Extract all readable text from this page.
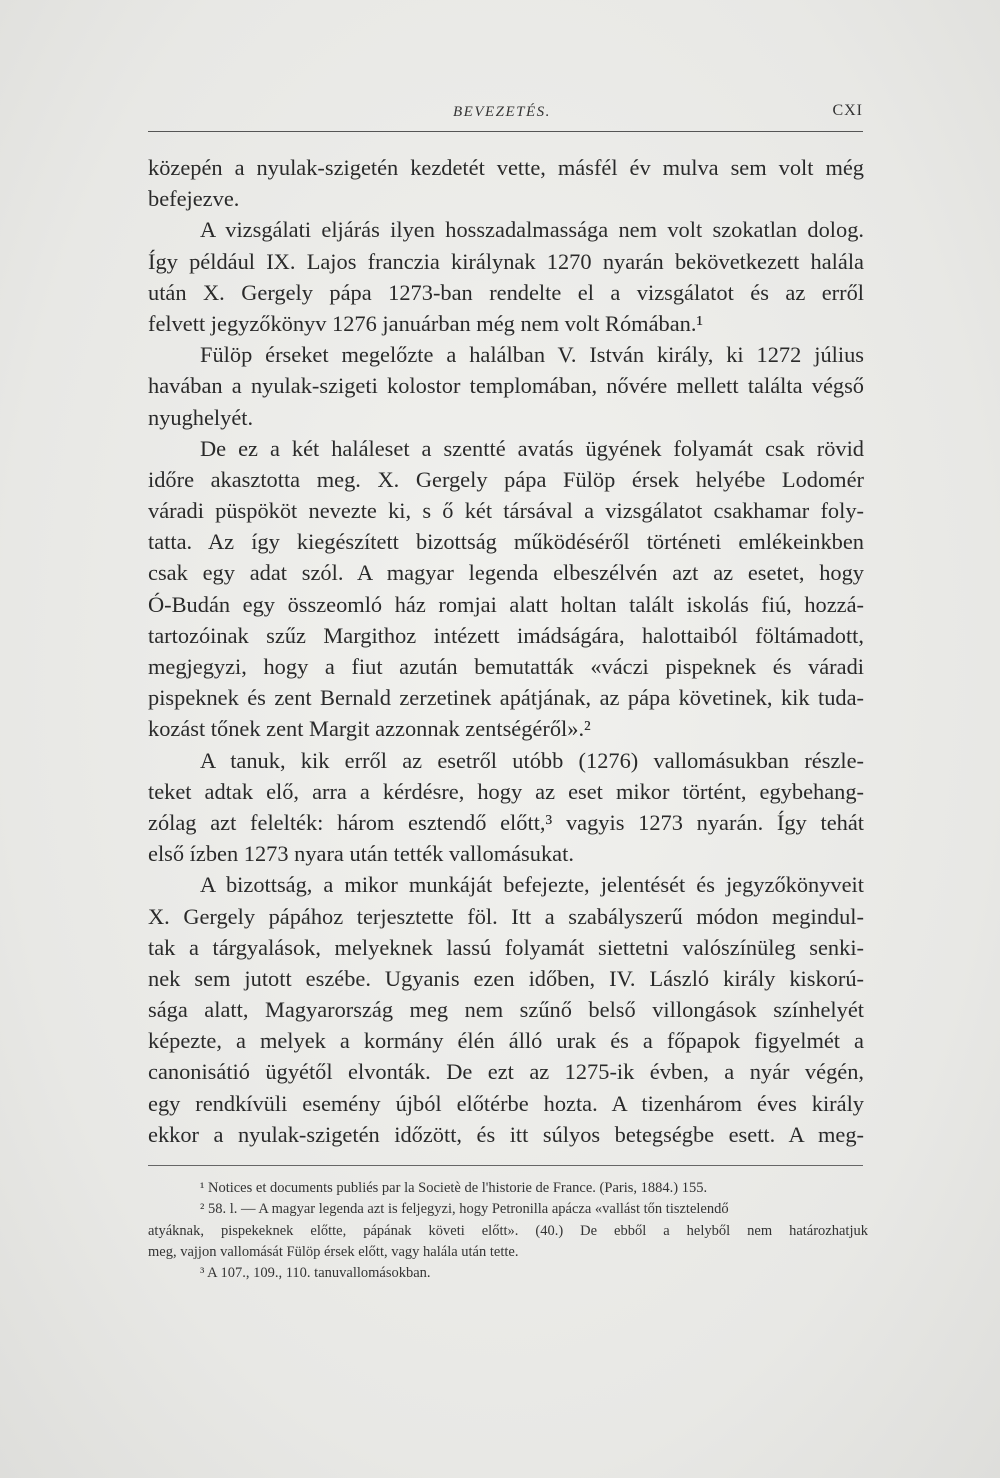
BEVEZETÉS.	CXI
közepén a nyulak-szigetén kezdetét vette, másfél év mulva sem volt még
befejezve.
A vizsgálati eljárás ilyen hosszadalmassága nem volt szokatlan dolog.
Így például IX. Lajos franczia királynak 1270 nyarán bekövetkezett halála
után X. Gergely pápa 1273-ban rendelte el a vizsgálatot és az erről
felvett jegyzőkönyv 1276 januárban még nem volt Rómában.¹
Fülöp érseket megelőzte a halálban V. István király, ki 1272 július
havában a nyulak-szigeti kolostor templomában, nővére mellett találta végső
nyughelyét.
De ez a két haláleset a szentté avatás ügyének folyamát csak rövid
időre akasztotta meg. X. Gergely pápa Fülöp érsek helyébe Lodomér
váradi püspököt nevezte ki, s ő két társával a vizsgálatot csakhamar foly-
tatta. Az így kiegészített bizottság működéséről történeti emlékeinkben
csak egy adat szól. A magyar legenda elbeszélvén azt az esetet, hogy
Ó-Budán egy összeomló ház romjai alatt holtan talált iskolás fiú, hozzá-
tartozóinak szűz Margithoz intézett imádságára, halottaiból föltámadott,
megjegyzi, hogy a fiut azután bemutatták «váczi pispeknek és váradi
pispeknek és zent Bernald zerzetinek apátjának, az pápa követinek, kik tuda-
kozást tőnek zent Margit azzonnak zentségéről».²
A tanuk, kik erről az esetről utóbb (1276) vallomásukban részle-
teket adtak elő, arra a kérdésre, hogy az eset mikor történt, egybehang-
zólag azt felelték: három esztendő előtt,³ vagyis 1273 nyarán. Így tehát
első ízben 1273 nyara után tették vallomásukat.
A bizottság, a mikor munkáját befejezte, jelentését és jegyzőkönyveit
X. Gergely pápához terjesztette föl. Itt a szabályszerű módon megindul-
tak a tárgyalások, melyeknek lassú folyamát siettetni valószínüleg senki-
nek sem jutott eszébe. Ugyanis ezen időben, IV. László király kiskorú-
sága alatt, Magyarország meg nem szűnő belső villongások színhelyét
képezte, a melyek a kormány élén álló urak és a főpapok figyelmét a
canonisátió ügyétől elvonták. De ezt az 1275-ik évben, a nyár végén,
egy rendkívüli esemény újból előtérbe hozta. A tizenhárom éves király
ekkor a nyulak-szigetén időzött, és itt súlyos betegségbe esett. A meg-
¹ Notices et documents publiés par la Societè de l'historie de France. (Paris, 1884.) 155.
² 58. l. — A magyar legenda azt is feljegyzi, hogy Petronilla apácza «vallást tőn tisztelendő
atyáknak, pispekeknek előtte, pápának követi előtt». (40.) De ebből a helyből nem határozhatjuk
meg, vajjon vallomását Fülöp érsek előtt, vagy halála után tette.
³ A 107., 109., 110. tanuvallomásokban.
